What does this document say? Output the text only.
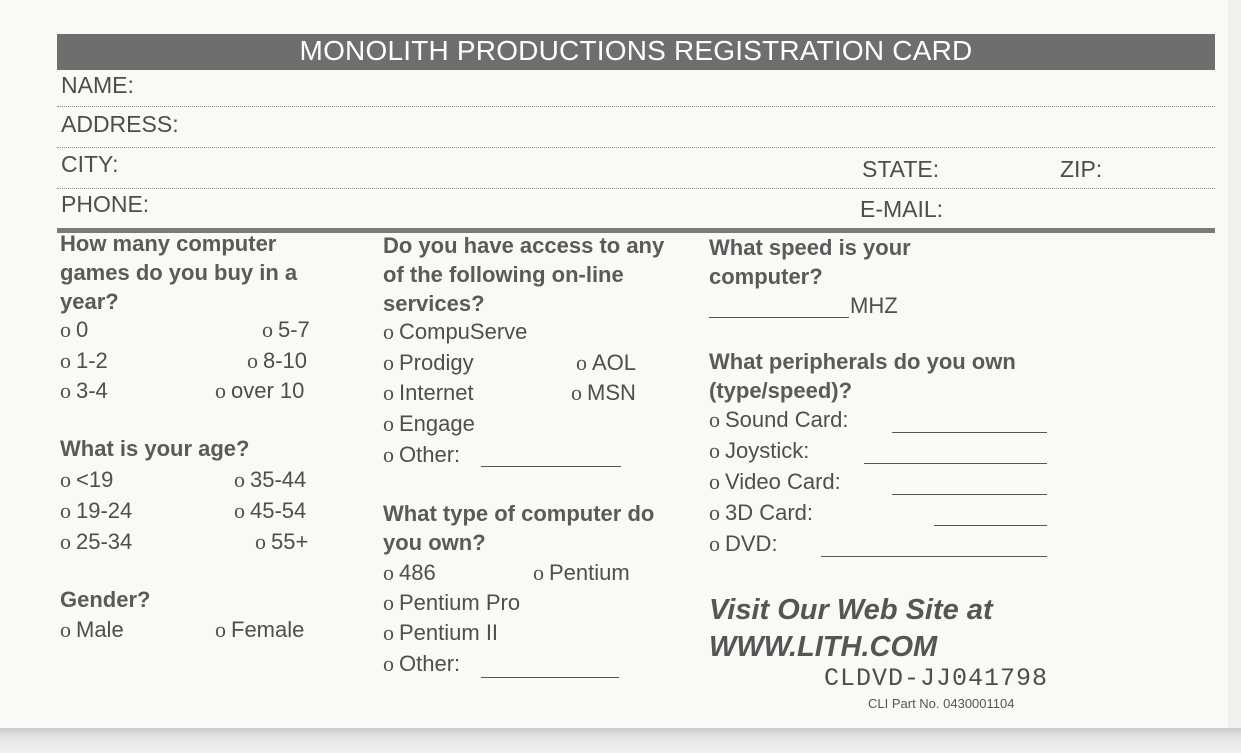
MONOLITH PRODUCTIONS REGISTRATION CARD
NAME:
ADDRESS:
CITY:	STATE:	ZIP:
PHONE:	E-MAIL:
How many computer games do you buy in a year?
o 0	o 5-7
o 1-2	o 8-10
o 3-4	o over 10
What is your age?
o <19	o 35-44
o 19-24	o 45-54
o 25-34	o 55+
Gender?
o Male	o Female
Do you have access to any of the following on-line services?
o CompuServe
o Prodigy	o AOL
o Internet	o MSN
o Engage
o Other:
What type of computer do you own?
o 486	o Pentium
o Pentium Pro
o Pentium II
o Other:
What speed is your computer?
MHZ
What peripherals do you own (type/speed)?
o Sound Card:
o Joystick:
o Video Card:
o 3D Card:
o DVD:
Visit Our Web Site at
WWW.LITH.COM
CLDVD-JJ041798
CLI Part No. 0430001104
